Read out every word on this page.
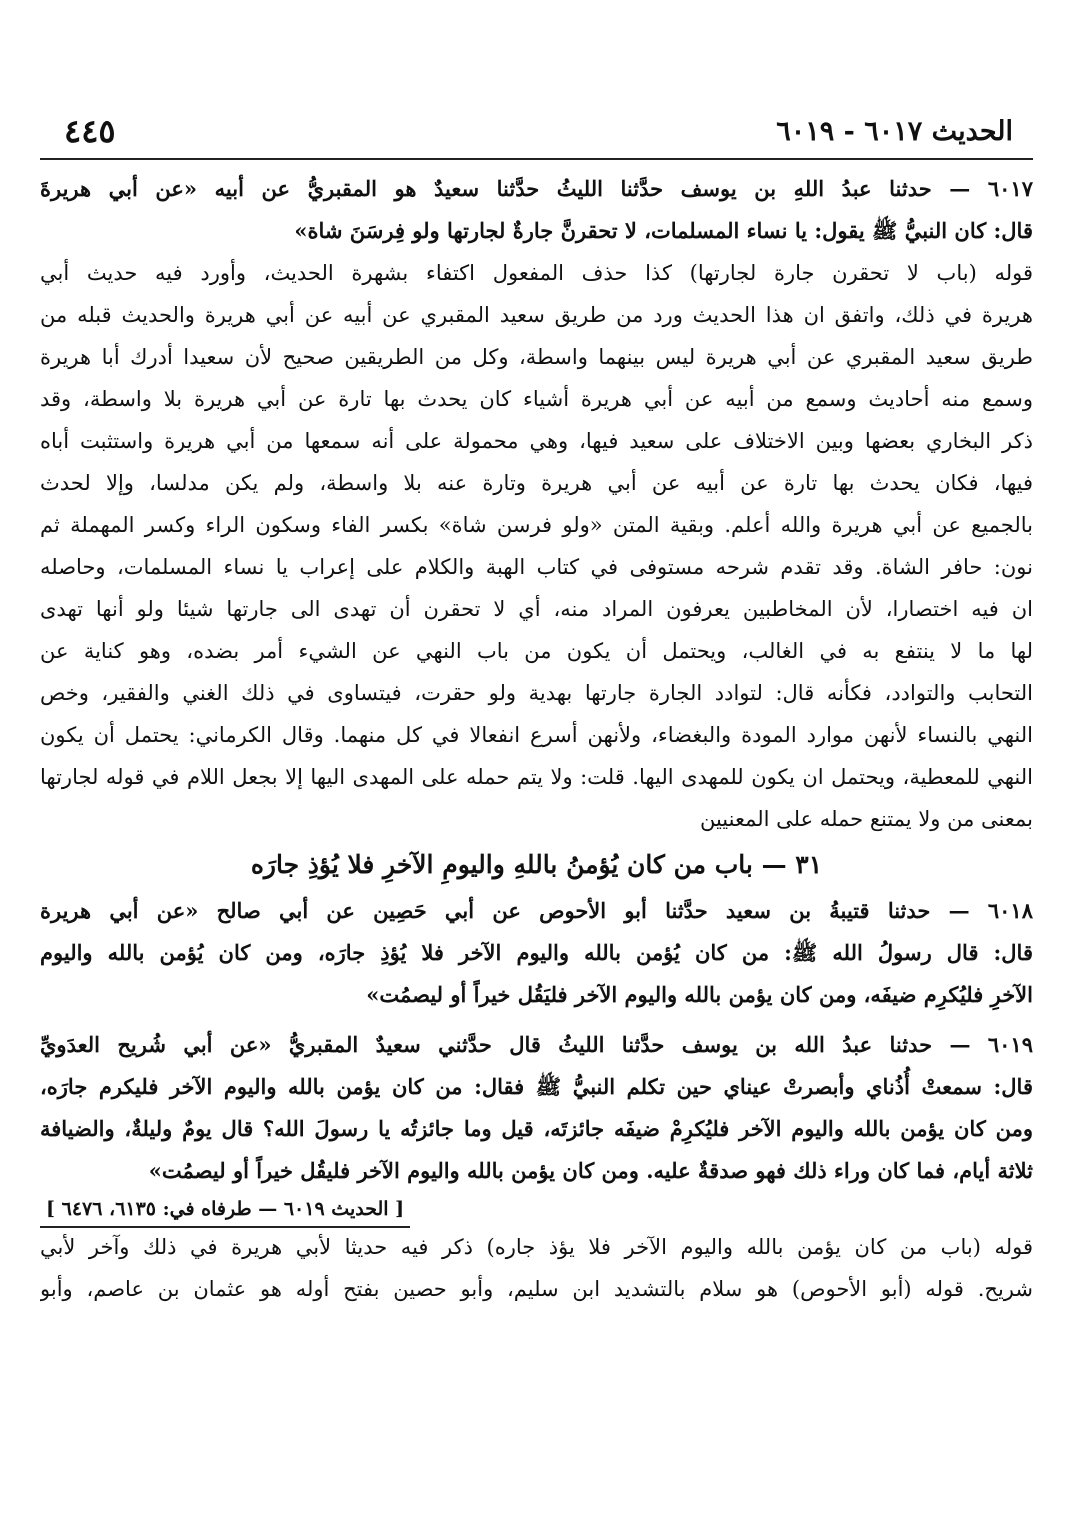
الحديث ٦٠١٧ - ٦٠١٩
٤٤٥
٦٠١٧ — حدثنا عبدُ اللهِ بن يوسف حدَّثنا الليثُ حدَّثنا سعيدٌ هو المقبريُّ عن أبيه «عن أبي هريرةَ
قال: كان النبيُّ ﷺ يقول: يا نساء المسلمات، لا تحقرنَّ جارةٌ لجارتها ولو فِرسَنَ شاة»
قوله (باب لا تحقرن جارة لجارتها) كذا حذف المفعول اكتفاء بشهرة الحديث، وأورد فيه حديث أبي
هريرة في ذلك، واتفق ان هذا الحديث ورد من طريق سعيد المقبري عن أبيه عن أبي هريرة والحديث قبله من
طريق سعيد المقبري عن أبي هريرة ليس بينهما واسطة، وكل من الطريقين صحيح لأن سعيدا أدرك أبا هريرة
وسمع منه أحاديث وسمع من أبيه عن أبي هريرة أشياء كان يحدث بها تارة عن أبي هريرة بلا واسطة، وقد
ذكر البخاري بعضها وبين الاختلاف على سعيد فيها، وهي محمولة على أنه سمعها من أبي هريرة واستثبت أباه
فيها، فكان يحدث بها تارة عن أبيه عن أبي هريرة وتارة عنه بلا واسطة، ولم يكن مدلسا، وإلا لحدث
بالجميع عن أبي هريرة والله أعلم. وبقية المتن «ولو فرسن شاة» بكسر الفاء وسكون الراء وكسر المهملة ثم
نون: حافر الشاة. وقد تقدم شرحه مستوفى في كتاب الهبة والكلام على إعراب يا نساء المسلمات، وحاصله
ان فيه اختصارا، لأن المخاطبين يعرفون المراد منه، أي لا تحقرن أن تهدى الى جارتها شيئا ولو أنها تهدى
لها ما لا ينتفع به في الغالب، ويحتمل أن يكون من باب النهي عن الشيء أمر بضده، وهو كناية عن
التحابب والتوادد، فكأنه قال: لتوادد الجارة جارتها بهدية ولو حقرت، فيتساوى في ذلك الغني والفقير، وخص
النهي بالنساء لأنهن موارد المودة والبغضاء، ولأنهن أسرع انفعالا في كل منهما. وقال الكرماني: يحتمل أن يكون
النهي للمعطية، ويحتمل ان يكون للمهدى اليها. قلت: ولا يتم حمله على المهدى اليها إلا بجعل اللام في قوله لجارتها
بمعنى من ولا يمتنع حمله على المعنيين
٣١ — باب من كان يُؤمنُ باللهِ واليومِ الآخرِ فلا يُؤذِ جارَه
٦٠١٨ — حدثنا قتيبةُ بن سعيد حدَّثنا أبو الأحوص عن أبي حَصِين عن أبي صالح «عن أبي هريرة
قال: قال رسولُ الله ﷺ: من كان يُؤمن بالله واليوم الآخر فلا يُؤذِ جارَه، ومن كان يُؤمن بالله واليوم
الآخرِ فليُكرِم ضيفَه، ومن كان يؤمن بالله واليوم الآخر فليَقُل خيراً أو ليصمُت»
٦٠١٩ — حدثنا عبدُ الله بن يوسف حدَّثنا الليثُ قال حدَّثني سعيدٌ المقبريُّ «عن أبي شُريح العدَويِّ
قال: سمعتْ أُذُناي وأبصرتْ عيناي حين تكلم النبيُّ ﷺ فقال: من كان يؤمن بالله واليوم الآخر فليكرم جارَه،
ومن كان يؤمن بالله واليوم الآخر فليُكرِمْ ضيفَه جائزتَه، قيل وما جائزتُه يا رسولَ الله؟ قال يومٌ وليلةٌ، والضيافة
ثلاثة أيام، فما كان وراء ذلك فهو صدقةٌ عليه. ومن كان يؤمن بالله واليوم الآخر فليقُل خيراً أو ليصمُت»
[ الحديث ٦٠١٩ — طرفاه في: ٦١٣٥، ٦٤٧٦ ]
قوله (باب من كان يؤمن بالله واليوم الآخر فلا يؤذ جاره) ذكر فيه حديثا لأبي هريرة في ذلك وآخر لأبي
شريح. قوله (أبو الأحوص) هو سلام بالتشديد ابن سليم، وأبو حصين بفتح أوله هو عثمان بن عاصم، وأبو
